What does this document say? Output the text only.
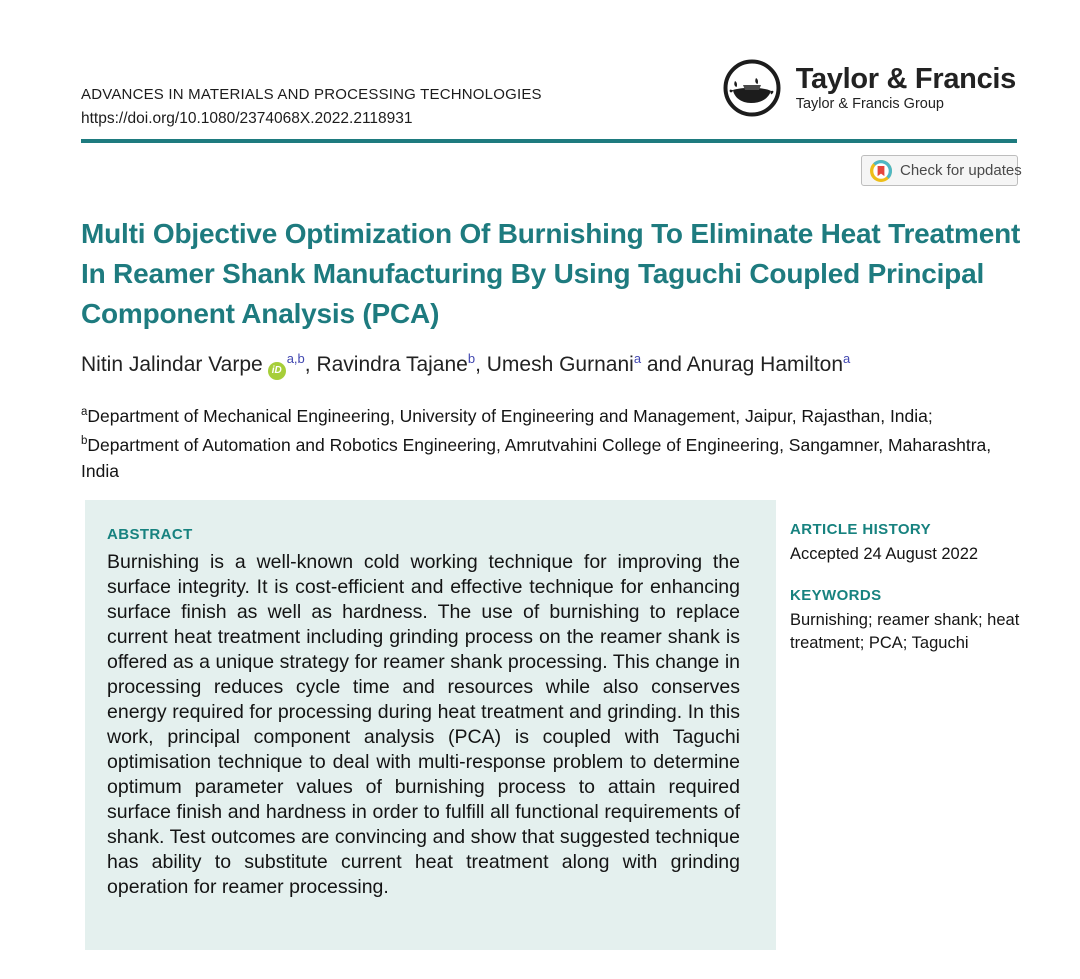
ADVANCES IN MATERIALS AND PROCESSING TECHNOLOGIES
https://doi.org/10.1080/2374068X.2022.2118931
Taylor & Francis
Taylor & Francis Group
Check for updates
Multi Objective Optimization Of Burnishing To Eliminate Heat Treatment In Reamer Shank Manufacturing By Using Taguchi Coupled Principal Component Analysis (PCA)
Nitin Jalindar Varpe iD$^{a,b}$, Ravindra Tajane$^b$, Umesh Gurnani$^a$ and Anurag Hamilton$^a$

$^a$Department of Mechanical Engineering, University of Engineering and Management, Jaipur, Rajasthan, India; $^b$Department of Automation and Robotics Engineering, Amrutvahini College of Engineering, Sangamner, Maharashtra, India

ABSTRACT

Burnishing is a well-known cold working technique for improving the surface integrity. It is cost-efficient and effective technique for enhancing surface finish as well as hardness. The use of burnishing to replace current heat treatment including grinding process on the reamer shank is offered as a unique strategy for reamer shank processing. This change in processing reduces cycle time and resources while also conserves energy required for processing during heat treatment and grinding. In this work, principal component analysis (PCA) is coupled with Taguchi optimisation technique to deal with multi-response problem to determine optimum parameter values of burnishing process to attain required surface finish and hardness in order to fulfill all functional requirements of shank. Test outcomes are convincing and show that suggested technique has ability to substitute current heat treatment along with grinding operation for reamer processing.

ARTICLE HISTORY
Accepted 24 August 2022
KEYWORDS
Burnishing; reamer shank; heat treatment; PCA; Taguchi
